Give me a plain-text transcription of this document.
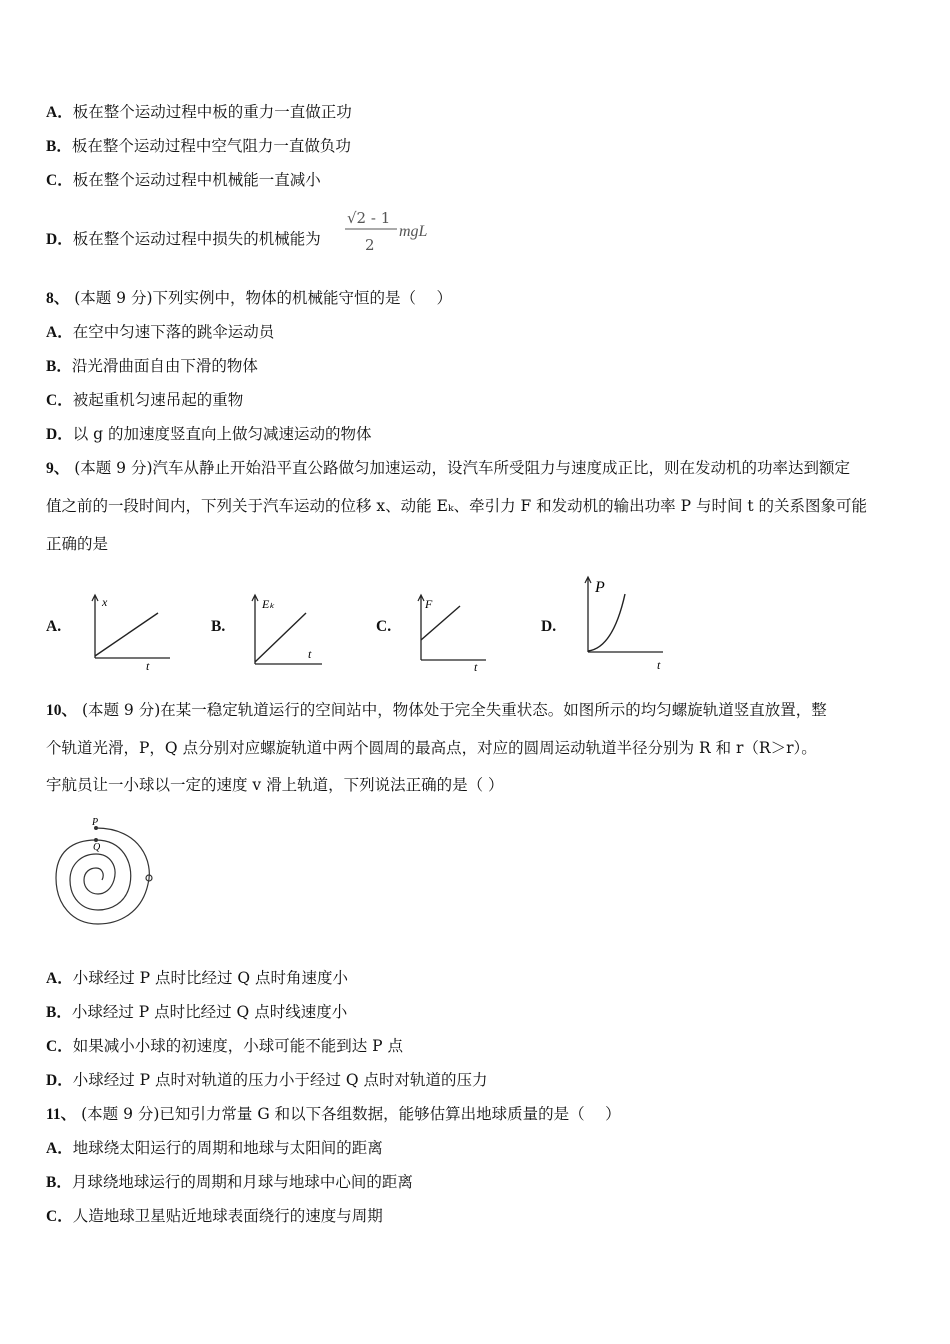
A．板在整个运动过程中板的重力一直做正功
B．板在整个运动过程中空气阻力一直做负功
C．板在整个运动过程中机械能一直减小
D．板在整个运动过程中损失的机械能为
√2 - 1
2
mgL
8、 (本题 9 分)下列实例中，物体的机械能守恒的是（　 ）
A．在空中匀速下落的跳伞运动员
B．沿光滑曲面自由下滑的物体
C．被起重机匀速吊起的重物
D．以 g 的加速度竖直向上做匀减速运动的物体
9、 (本题 9 分)汽车从静止开始沿平直公路做匀加速运动，设汽车所受阻力与速度成正比，则在发动机的功率达到额定
值之前的一段时间内，下列关于汽车运动的位移 x、动能 Eₖ、牵引力 F 和发动机的输出功率 P 与时间 t 的关系图象可能
正确的是
A.
x
t
B.
Eₖ
t
C.
F
t
D.
P
t
10、 (本题 9 分)在某一稳定轨道运行的空间站中，物体处于完全失重状态。如图所示的均匀螺旋轨道竖直放置，整
个轨道光滑，P，Q 点分别对应螺旋轨道中两个圆周的最高点，对应的圆周运动轨道半径分别为 R 和 r（R＞r）。
宇航员让一小球以一定的速度 v 滑上轨道，下列说法正确的是（ ）
P
Q
A．小球经过 P 点时比经过 Q 点时角速度小
B．小球经过 P 点时比经过 Q 点时线速度小
C．如果减小小球的初速度，小球可能不能到达 P 点
D．小球经过 P 点时对轨道的压力小于经过 Q 点时对轨道的压力
11、 (本题 9 分)已知引力常量 G 和以下各组数据，能够估算出地球质量的是（　 ）
A．地球绕太阳运行的周期和地球与太阳间的距离
B．月球绕地球运行的周期和月球与地球中心间的距离
C．人造地球卫星贴近地球表面绕行的速度与周期
